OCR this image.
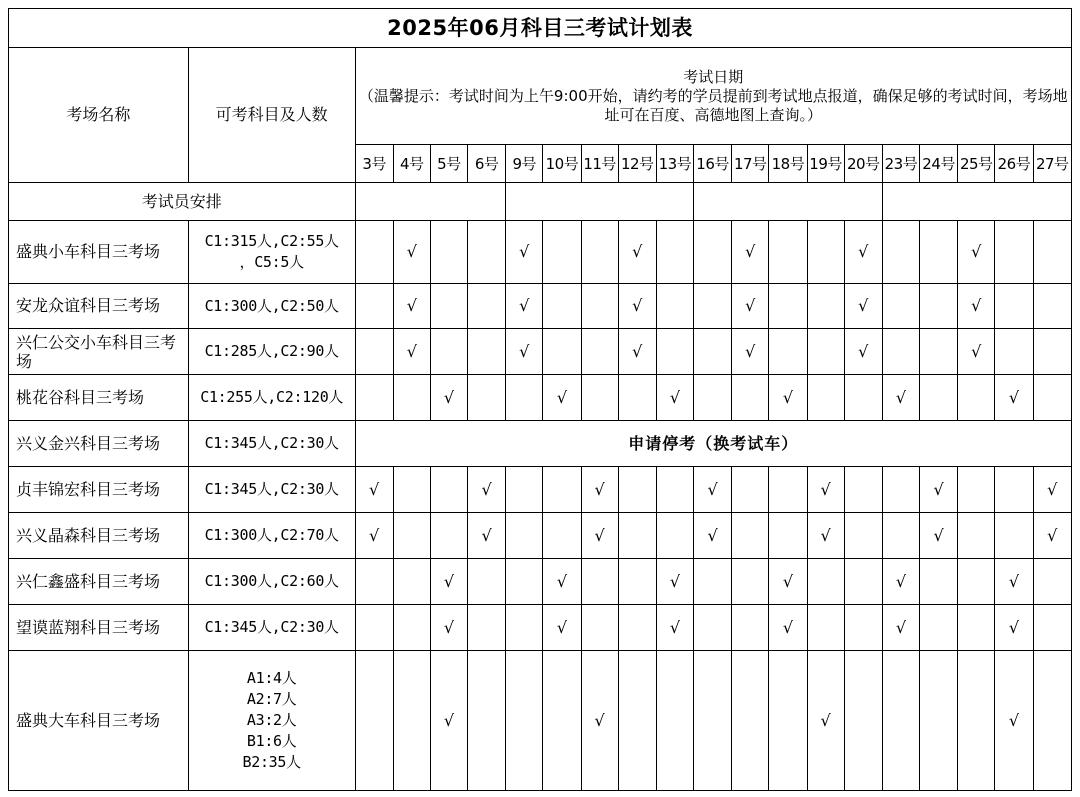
2025年06月科目三考试计划表																				
考场名称	可考科目及人数	考试日期
（温馨提示：考试时间为上午9:00开始，请约考的学员提前到考试地点报道，确保足够的考试时间，考场地址可在百度、高德地图上查询。）																		

		3号	4号	5号	6号	9号	10号	11号	12号	13号	16号	17号	18号	19号	20号	23号	24号	25号	26号	27号
考试员安排																				
盛典小车科目三考场	C1:315人,C2:55人
，C5:5人		√			√			√			√			√			√		
安龙众谊科目三考场	C1:300人,C2:50人		√			√			√			√			√			√		
兴仁公交小车科目三考场	C1:285人,C2:90人		√			√			√			√			√			√		
桃花谷科目三考场	C1:255人,C2:120人			√			√			√			√			√			√	
兴义金兴科目三考场	C1:345人,C2:30人	申请停考（换考试车）																		
贞丰锦宏科目三考场	C1:345人,C2:30人	√			√			√			√			√			√			√
兴义晶森科目三考场	C1:300人,C2:70人	√			√			√			√			√			√			√
兴仁鑫盛科目三考场	C1:300人,C2:60人			√			√			√			√			√			√	
望谟蓝翔科目三考场	C1:345人,C2:30人			√			√			√			√			√			√	
盛典大车科目三考场	A1:4人
A2:7人
A3:2人
B1:6人
B2:35人			√				√						√					√	
